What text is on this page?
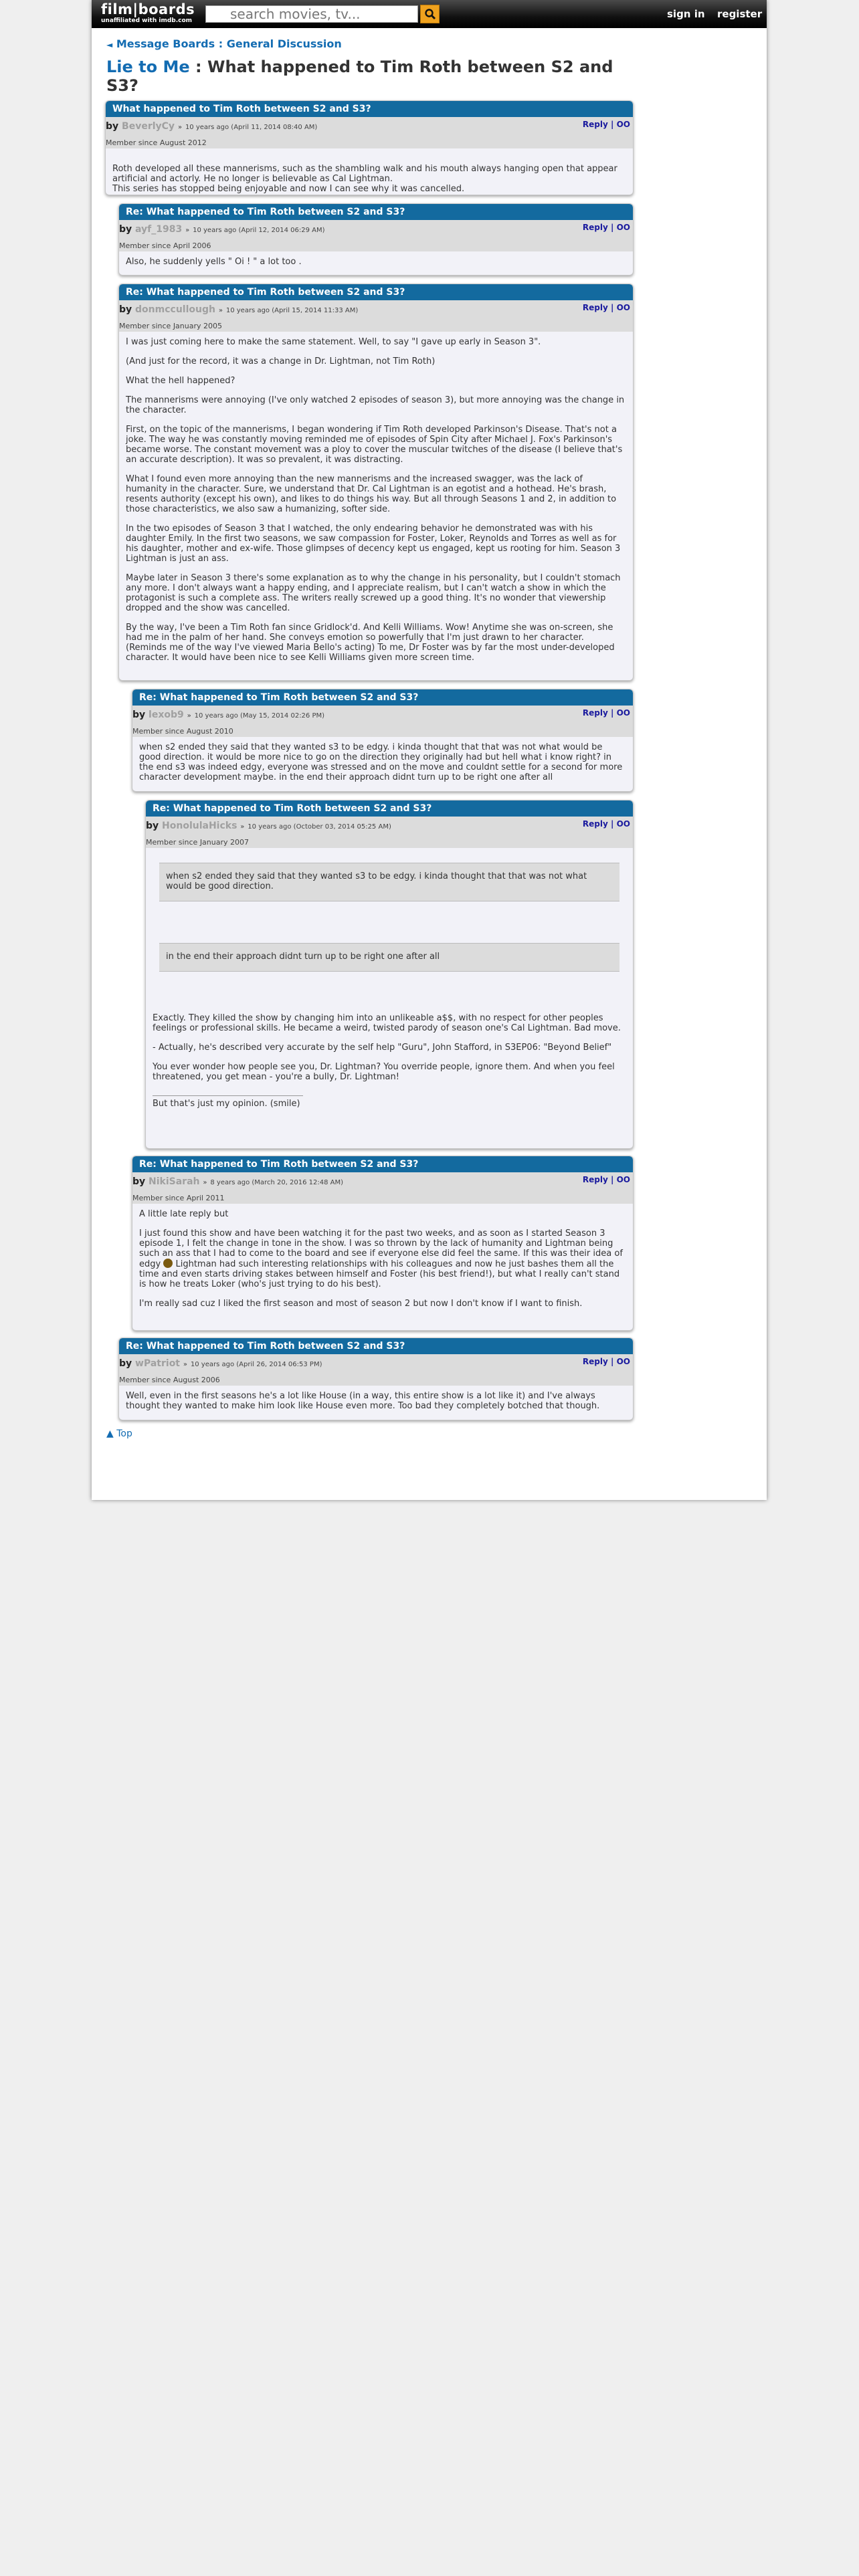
film|boards
unaffiliated with imdb.com	search movies, tv...	sign in register
◄ Message Boards : General Discussion
Lie to Me : What happened to Tim Roth between S2 and S3?
What happened to Tim Roth between S2 and S3?
by BeverlyCy » 10 years ago (April 11, 2014 08:40 AM)
Member since August 2012
Reply | OO

Roth developed all these mannerisms, such as the shambling walk and his mouth always hanging open that appear artificial and actorly. He no longer is believable as Cal Lightman.
This series has stopped being enjoyable and now I can see why it was cancelled.

Re: What happened to Tim Roth between S2 and S3?
by ayf_1983 » 10 years ago (April 12, 2014 06:29 AM)
Member since April 2006
Reply | OO

Also, he suddenly yells " Oi ! " a lot too .

Re: What happened to Tim Roth between S2 and S3?
by donmccullough » 10 years ago (April 15, 2014 11:33 AM)
Member since January 2005
Reply | OO

I was just coming here to make the same statement. Well, to say "I gave up early in Season 3".

(And just for the record, it was a change in Dr. Lightman, not Tim Roth)

What the hell happened?

The mannerisms were annoying (I've only watched 2 episodes of season 3), but more annoying was the change in the character.

First, on the topic of the mannerisms, I began wondering if Tim Roth developed Parkinson's Disease. That's not a joke. The way he was constantly moving reminded me of episodes of Spin City after Michael J. Fox's Parkinson's became worse. The constant movement was a ploy to cover the muscular twitches of the disease (I believe that's an accurate description). It was so prevalent, it was distracting.

What I found even more annoying than the new mannerisms and the increased swagger, was the lack of humanity in the character. Sure, we understand that Dr. Cal Lightman is an egotist and a hothead. He's brash, resents authority (except his own), and likes to do things his way. But all through Seasons 1 and 2, in addition to those characteristics, we also saw a humanizing, softer side.

In the two episodes of Season 3 that I watched, the only endearing behavior he demonstrated was with his daughter Emily. In the first two seasons, we saw compassion for Foster, Loker, Reynolds and Torres as well as for his daughter, mother and ex-wife. Those glimpses of decency kept us engaged, kept us rooting for him. Season 3 Lightman is just an ass.

Maybe later in Season 3 there's some explanation as to why the change in his personality, but I couldn't stomach any more. I don't always want a happy ending, and I appreciate realism, but I can't watch a show in which the protagonist is such a complete ass. The writers really screwed up a good thing. It's no wonder that viewership dropped and the show was cancelled.

By the way, I've been a Tim Roth fan since Gridlock'd. And Kelli Williams. Wow! Anytime she was on-screen, she had me in the palm of her hand. She conveys emotion so powerfully that I'm just drawn to her character. (Reminds me of the way I've viewed Maria Bello's acting) To me, Dr Foster was by far the most under-developed character. It would have been nice to see Kelli Williams given more screen time.

Re: What happened to Tim Roth between S2 and S3?
by lexob9 » 10 years ago (May 15, 2014 02:26 PM)
Member since August 2010
Reply | OO

when s2 ended they said that they wanted s3 to be edgy. i kinda thought that that was not what would be good direction. it would be more nice to go on the direction they originally had but hell what i know right? in the end s3 was indeed edgy, everyone was stressed and on the move and couldnt settle for a second for more character development maybe. in the end their approach didnt turn up to be right one after all

Re: What happened to Tim Roth between S2 and S3?
by HonolulaHicks » 10 years ago (October 03, 2014 05:25 AM)
Member since January 2007
Reply | OO
when s2 ended they said that they wanted s3 to be edgy. i kinda thought that that was not what would be good direction.
in the end their approach didnt turn up to be right one after all

Exactly. They killed the show by changing him into an unlikeable a$$, with no respect for other peoples feelings or professional skills. He became a weird, twisted parody of season one's Cal Lightman. Bad move.

- Actually, he's described very accurate by the self help "Guru", John Stafford, in S3EP06: "Beyond Belief"

You ever wonder how people see you, Dr. Lightman? You override people, ignore them. And when you feel threatened, you get mean - you're a bully, Dr. Lightman!

But that's just my opinion. (smile)
Re: What happened to Tim Roth between S2 and S3?
by NikiSarah » 8 years ago (March 20, 2016 12:48 AM)
Member since April 2011
Reply | OO

A little late reply but

I just found this show and have been watching it for the past two weeks, and as soon as I started Season 3 episode 1, I felt the change in tone in the show. I was so thrown by the lack of humanity and Lightman being such an ass that I had to come to the board and see if everyone else did feel the same. If this was their idea of edgy Lightman had such interesting relationships with his colleagues and now he just bashes them all the time and even starts driving stakes between himself and Foster (his best friend!), but what I really can't stand is how he treats Loker (who's just trying to do his best).

I'm really sad cuz I liked the first season and most of season 2 but now I don't know if I want to finish.

Re: What happened to Tim Roth between S2 and S3?
by wPatriot » 10 years ago (April 26, 2014 06:53 PM)
Member since August 2006
Reply | OO

Well, even in the first seasons he's a lot like House (in a way, this entire show is a lot like it) and I've always thought they wanted to make him look like House even more. Too bad they completely botched that though.

▲ Top
